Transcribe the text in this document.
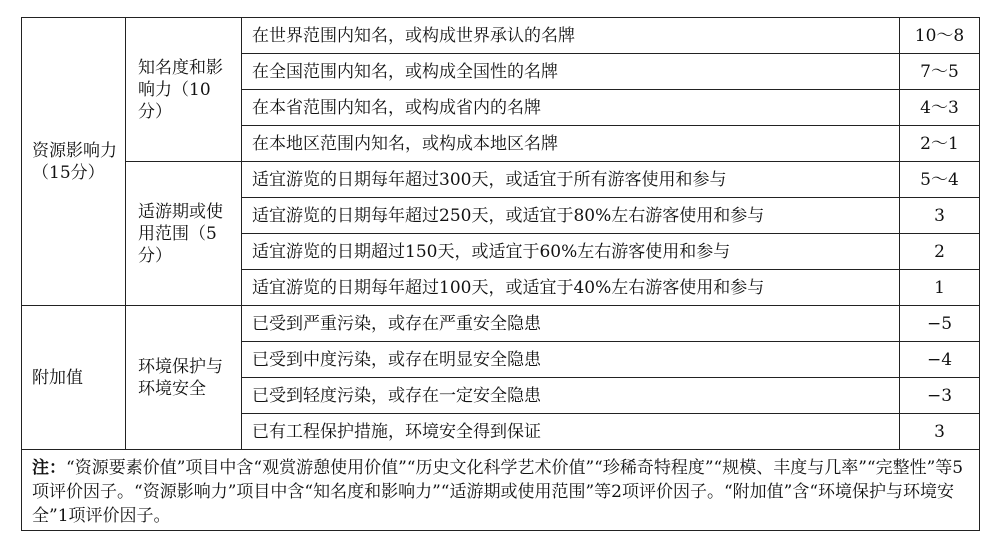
资源影响力（15分）	知名度和影响力（10分）	在世界范围内知名，或构成世界承认的名牌	10～8
		在全国范围内知名，或构成全国性的名牌	7～5
		在本省范围内知名，或构成省内的名牌	4～3
		在本地区范围内知名，或构成本地区名牌	2～1
	适游期或使用范围（5分）	适宜游览的日期每年超过300天，或适宜于所有游客使用和参与	5～4
		适宜游览的日期每年超过250天，或适宜于80%左右游客使用和参与	3
		适宜游览的日期超过150天，或适宜于60%左右游客使用和参与	2
		适宜游览的日期每年超过100天，或适宜于40%左右游客使用和参与	1
附加值	环境保护与环境安全	已受到严重污染，或存在严重安全隐患	−5
		已受到中度污染，或存在明显安全隐患	−4
		已受到轻度污染，或存在一定安全隐患	−3
		已有工程保护措施，环境安全得到保证	3
注：“资源要素价值”项目中含“观赏游憩使用价值”“历史文化科学艺术价值”“珍稀奇特程度”“规模、丰度与几率”“完整性”等5项评价因子。“资源影响力”项目中含“知名度和影响力”“适游期或使用范围”等2项评价因子。“附加值”含“环境保护与环境安全”1项评价因子。			
